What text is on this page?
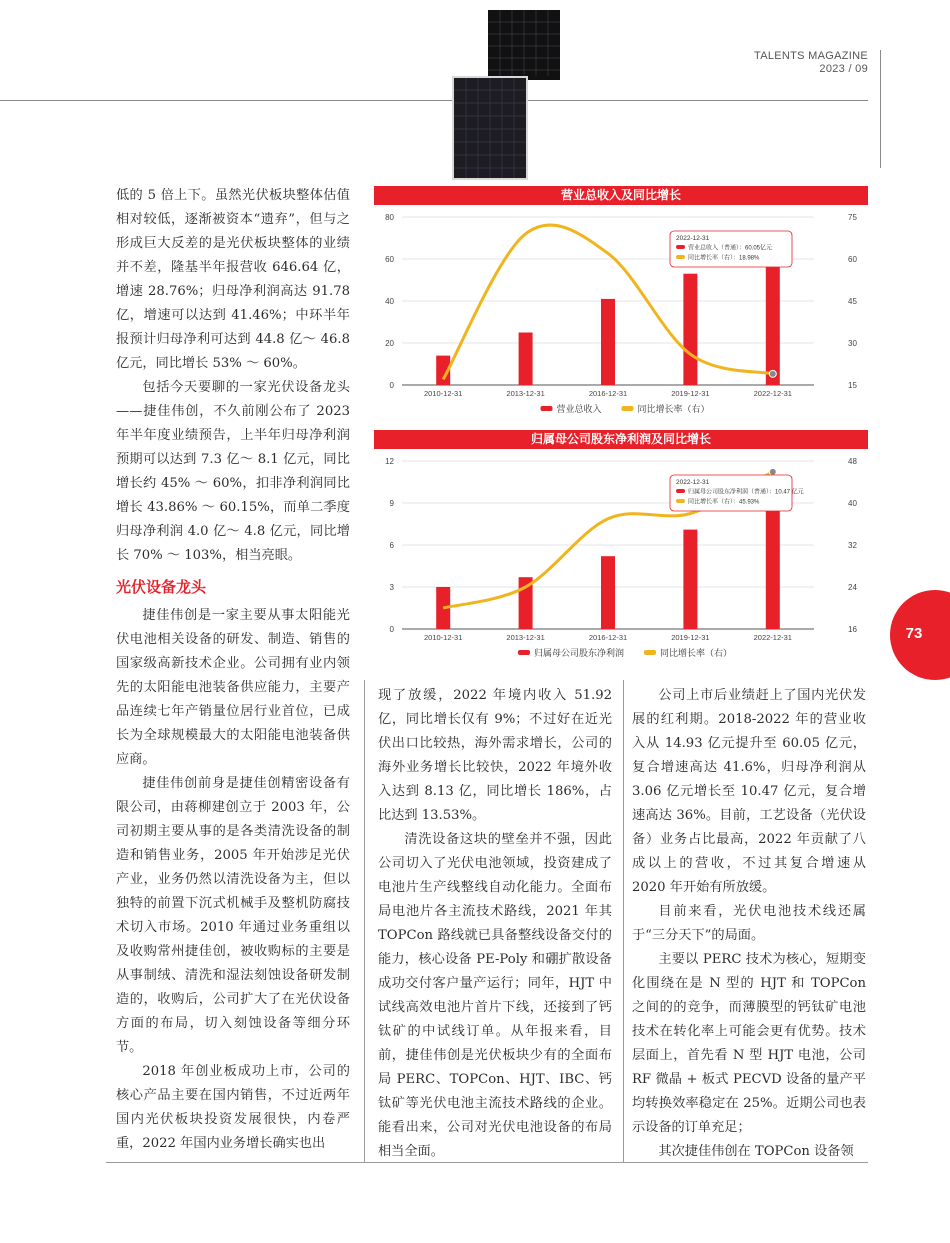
TALENTS MAGAZINE
2023 / 09

低的 5 倍上下。虽然光伏板块整体估值相对较低，逐渐被资本“遗弃”，但与之形成巨大反差的是光伏板块整体的业绩并不差，隆基半年报营收 646.64 亿，增速 28.76%；归母净利润高达 91.78 亿，增速可以达到 41.46%；中环半年报预计归母净利可达到 44.8 亿～ 46.8 亿元，同比增长 53% ～ 60%。

包括今天要聊的一家光伏设备龙头——捷佳伟创，不久前刚公布了 2023 年半年度业绩预告，上半年归母净利润预期可以达到 7.3 亿～ 8.1 亿元，同比增长约 45% ～ 60%，扣非净利润同比增长 43.86% ～ 60.15%，而单二季度归母净利润 4.0 亿～ 4.8 亿元，同比增长 70% ～ 103%，相当亮眼。

光伏设备龙头

捷佳伟创是一家主要从事太阳能光伏电池相关设备的研发、制造、销售的国家级高新技术企业。公司拥有业内领先的太阳能电池装备供应能力，主要产品连续七年产销量位居行业首位，已成长为全球规模最大的太阳能电池装备供应商。

捷佳伟创前身是捷佳创精密设备有限公司，由蒋柳建创立于 2003 年，公司初期主要从事的是各类清洗设备的制造和销售业务，2005 年开始涉足光伏产业，业务仍然以清洗设备为主，但以独特的前置下沉式机械手及整机防腐技术切入市场。2010 年通过业务重组以及收购常州捷佳创，被收购标的主要是从事制绒、清洗和湿法刻蚀设备研发制造的，收购后，公司扩大了在光伏设备方面的布局，切入刻蚀设备等细分环节。

2018 年创业板成功上市，公司的核心产品主要在国内销售，不过近两年国内光伏板块投资发展很快，内卷严重，2022 年国内业务增长确实也出

营业总收入及同比增长
0
20
40
60
80
15
30
45
60
75
2010-12-31	2013-12-31	2016-12-31	2019-12-31	2022-12-31
2022-12-31
营业总收入（普通）：60.05亿元
同比增长率（右）：18.98%
营业总收入	同比增长率（右）
归属母公司股东净利润及同比增长
0
3
6
9
12
16
24
32
40
48
2010-12-31	2013-12-31	2016-12-31	2019-12-31	2022-12-31
2022-12-31
归属母公司股东净利润（普通）：10.47 亿元
同比增长率（右）：45.93%
归属母公司股东净利润	同比增长率（右）

现了放缓，2022 年境内收入 51.92 亿，同比增长仅有 9%；不过好在近光伏出口比较热，海外需求增长，公司的海外业务增长比较快，2022 年境外收入达到 8.13 亿，同比增长 186%，占比达到 13.53%。

清洗设备这块的壁垒并不强，因此公司切入了光伏电池领域，投资建成了电池片生产线整线自动化能力。全面布局电池片各主流技术路线，2021 年其 TOPCon 路线就已具备整线设备交付的能力，核心设备 PE-Poly 和硼扩散设备成功交付客户量产运行；同年，HJT 中试线高效电池片首片下线，还接到了钙钛矿的中试线订单。从年报来看，目前，捷佳伟创是光伏板块少有的全面布局 PERC、TOPCon、HJT、IBC、钙钛矿等光伏电池主流技术路线的企业。能看出来，公司对光伏电池设备的布局相当全面。

公司上市后业绩赶上了国内光伏发展的红利期。2018-2022 年的营业收入从 14.93 亿元提升至 60.05 亿元，复合增速高达 41.6%，归母净利润从 3.06 亿元增长至 10.47 亿元，复合增速高达 36%。目前，工艺设备（光伏设备）业务占比最高，2022 年贡献了八成以上的营收，不过其复合增速从 2020 年开始有所放缓。

目前来看，光伏电池技术线还属于“三分天下”的局面。

主要以 PERC 技术为核心，短期变化围绕在是 N 型的 HJT 和 TOPCon 之间的的竞争，而薄膜型的钙钛矿电池技术在转化率上可能会更有优势。技术层面上，首先看 N 型 HJT 电池，公司 RF 微晶 + 板式 PECVD 设备的量产平均转换效率稳定在 25%。近期公司也表示设备的订单充足；

其次捷佳伟创在 TOPCon 设备领

73
